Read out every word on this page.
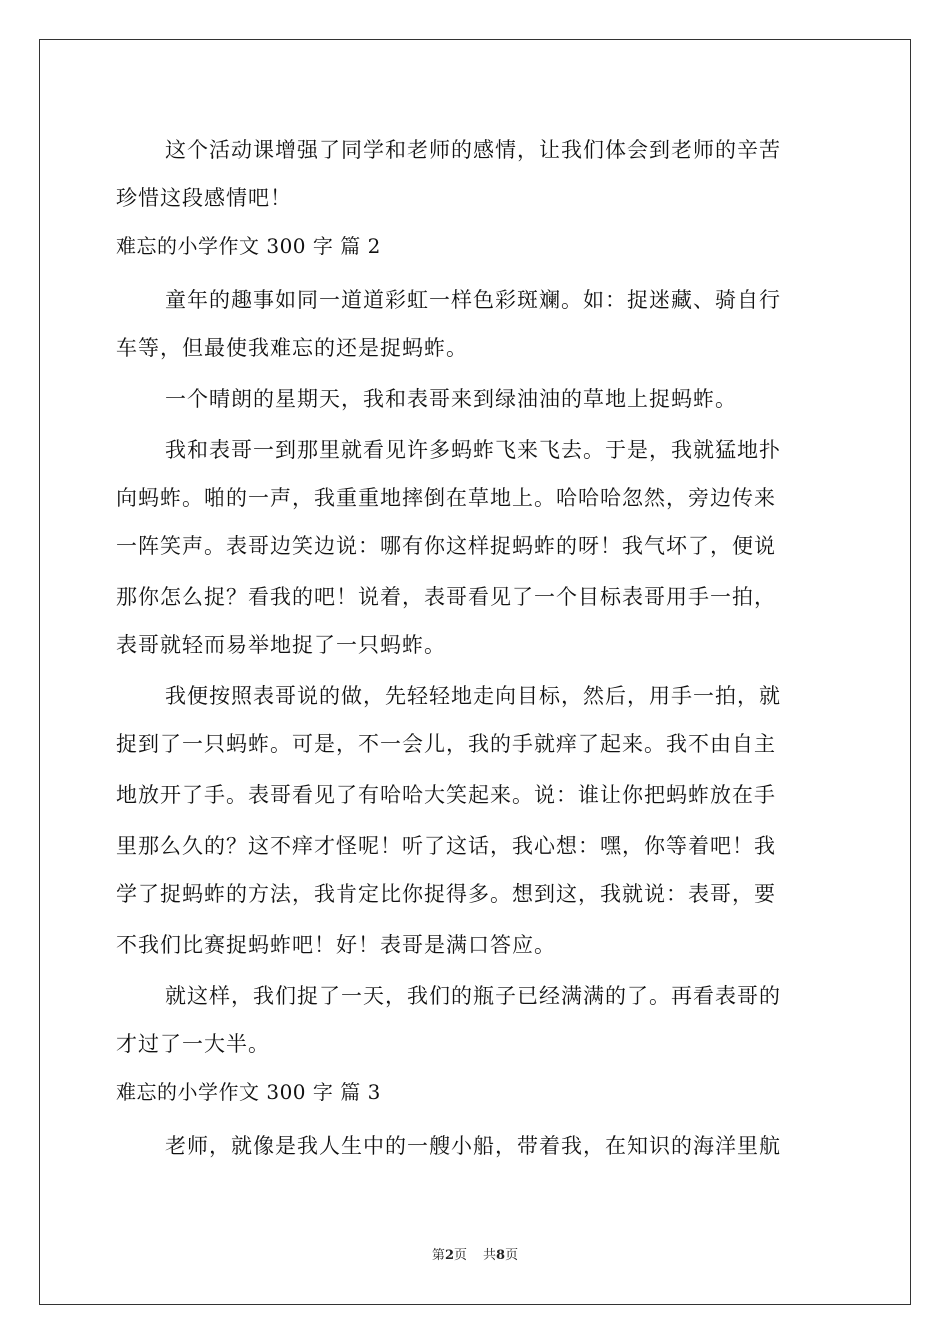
这个活动课增强了同学和老师的感情，让我们体会到老师的辛苦
珍惜这段感情吧！
难忘的小学作文 300 字 篇 2
童年的趣事如同一道道彩虹一样色彩斑斓。如：捉迷藏、骑自行
车等，但最使我难忘的还是捉蚂蚱。
一个晴朗的星期天，我和表哥来到绿油油的草地上捉蚂蚱。
我和表哥一到那里就看见许多蚂蚱飞来飞去。于是，我就猛地扑
向蚂蚱。啪的一声，我重重地摔倒在草地上。哈哈哈忽然，旁边传来
一阵笑声。表哥边笑边说：哪有你这样捉蚂蚱的呀！我气坏了，便说
那你怎么捉？看我的吧！说着，表哥看见了一个目标表哥用手一拍，
表哥就轻而易举地捉了一只蚂蚱。
我便按照表哥说的做，先轻轻地走向目标，然后，用手一拍，就
捉到了一只蚂蚱。可是，不一会儿，我的手就痒了起来。我不由自主
地放开了手。表哥看见了有哈哈大笑起来。说：谁让你把蚂蚱放在手
里那么久的？这不痒才怪呢！听了这话，我心想：嘿，你等着吧！我
学了捉蚂蚱的方法，我肯定比你捉得多。想到这，我就说：表哥，要
不我们比赛捉蚂蚱吧！好！表哥是满口答应。
就这样，我们捉了一天，我们的瓶子已经满满的了。再看表哥的
才过了一大半。
难忘的小学作文 300 字 篇 3
老师，就像是我人生中的一艘小船，带着我，在知识的海洋里航
第2页 共8页
